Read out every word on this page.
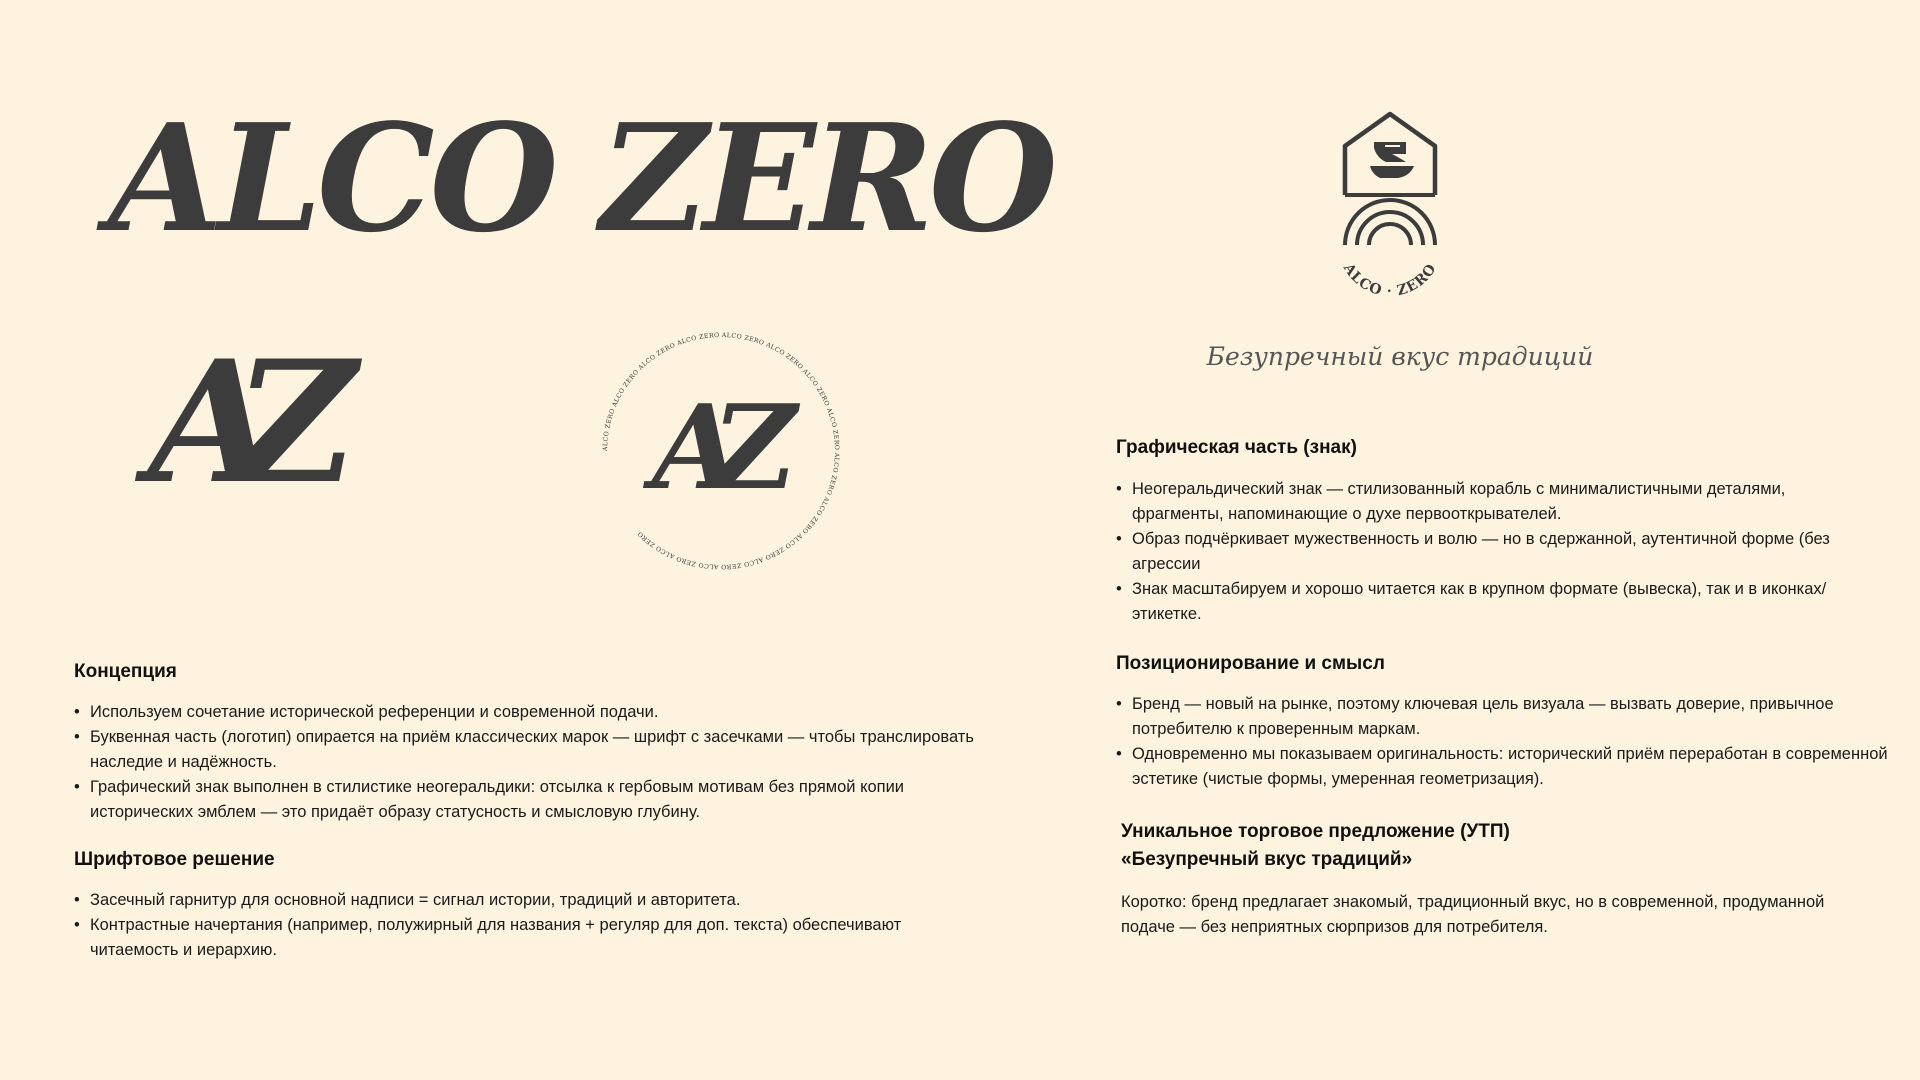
ALCO ZERO
AZ	ALCO ZERO ALCO ZERO ALCO ZERO ALCO ZERO ALCO ZERO ALCO ZERO ALCO ZERO ALCO ZERO ALCO ZERO ALCO ZERO ALCO ZERO ALCO ZERO ALCO ZERO ALCO ZERO
AZ
ALCO · ZERO
Безупречный вкус традиций
Концепция
• Используем сочетание исторической референции и современной подачи.
• Буквенная часть (логотип) опирается на приём классических марок — шрифт с засечками — чтобы транслировать наследие и надёжность.
• Графический знак выполнен в стилистике неогеральдики: отсылка к гербовым мотивам без прямой копии исторических эмблем — это придаёт образу статусность и смысловую глубину.
Шрифтовое решение
• Засечный гарнитур для основной надписи = сигнал истории, традиций и авторитета.
• Контрастные начертания (например, полужирный для названия + регуляр для доп. текста) обеспечивают читаемость и иерархию.
Графическая часть (знак)
• Неогеральдический знак — стилизованный корабль с минималистичными деталями, фрагменты, напоминающие о духе первооткрывателей.
• Образ подчёркивает мужественность и волю — но в сдержанной, аутентичной форме (без агрессии
• Знак масштабируем и хорошо читается как в крупном формате (вывеска), так и в иконках/этикетке.
Позиционирование и смысл
• Бренд — новый на рынке, поэтому ключевая цель визуала — вызвать доверие, привычное потребителю к проверенным маркам.
• Одновременно мы показываем оригинальность: исторический приём переработан в современной эстетике (чистые формы, умеренная геометризация).
Уникальное торговое предложение (УТП)
«Безупречный вкус традиций»

Коротко: бренд предлагает знакомый, традиционный вкус, но в современной, продуманной подаче — без неприятных сюрпризов для потребителя.
